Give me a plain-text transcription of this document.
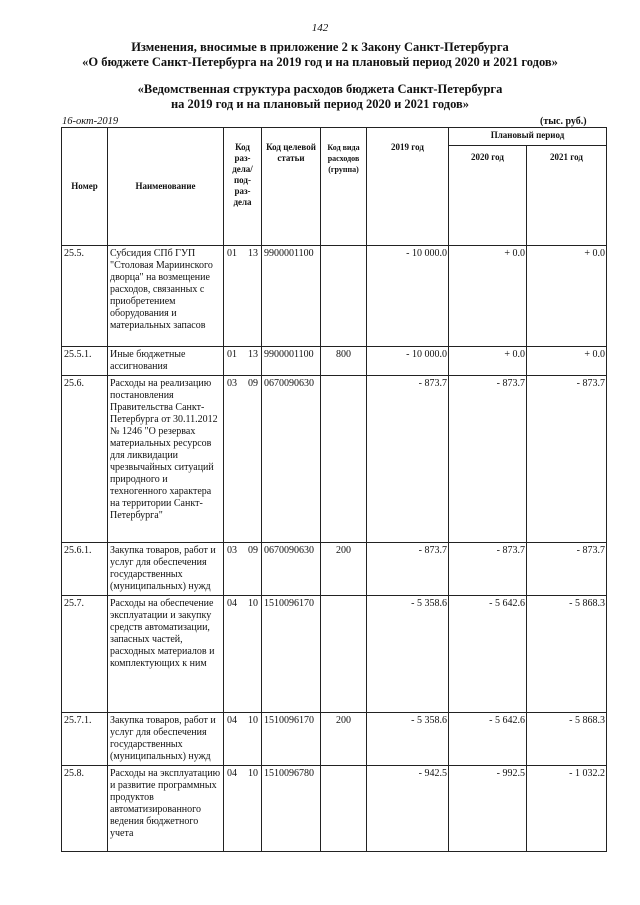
142
Изменения, вносимые в приложение 2 к Закону Санкт-Петербурга
«О бюджете Санкт-Петербурга на 2019 год и на плановый период 2020 и 2021 годов»
«Ведомственная структура расходов бюджета Санкт-Петербурга
на 2019 год и на плановый период 2020 и 2021 годов»
16-окт-2019	(тыс. руб.)
Номер	Наименование	Код раз-дела/ под-раз-дела	Код целевой статьи	Код вида расходов (группа)	2019 год	Плановый период	
						2020 год	2021 год
25.5.	Субсидия СПб ГУП "Столовая Мариинского дворца" на возмещение расходов, связанных с приобретением оборудования и материальных запасов	01 13	9900001100		- 10 000.0	+ 0.0	+ 0.0
25.5.1.	Иные бюджетные ассигнования	01 13	9900001100	800	- 10 000.0	+ 0.0	+ 0.0
25.6.	Расходы на реализацию постановления Правительства Санкт-Петербурга от 30.11.2012 № 1246 "О резервах материальных ресурсов для ликвидации чрезвычайных ситуаций природного и техногенного характера на территории Санкт-Петербурга"	03 09	0670090630		- 873.7	- 873.7	- 873.7
25.6.1.	Закупка товаров, работ и услуг для обеспечения государственных (муниципальных) нужд	03 09	0670090630	200	- 873.7	- 873.7	- 873.7
25.7.	Расходы на обеспечение эксплуатации и закупку средств автоматизации, запасных частей, расходных материалов и комплектующих к ним	04 10	1510096170		- 5 358.6	- 5 642.6	- 5 868.3
25.7.1.	Закупка товаров, работ и услуг для обеспечения государственных (муниципальных) нужд	04 10	1510096170	200	- 5 358.6	- 5 642.6	- 5 868.3
25.8.	Расходы на эксплуатацию и развитие программных продуктов автоматизированного ведения бюджетного учета	04 10	1510096780		- 942.5	- 992.5	- 1 032.2
